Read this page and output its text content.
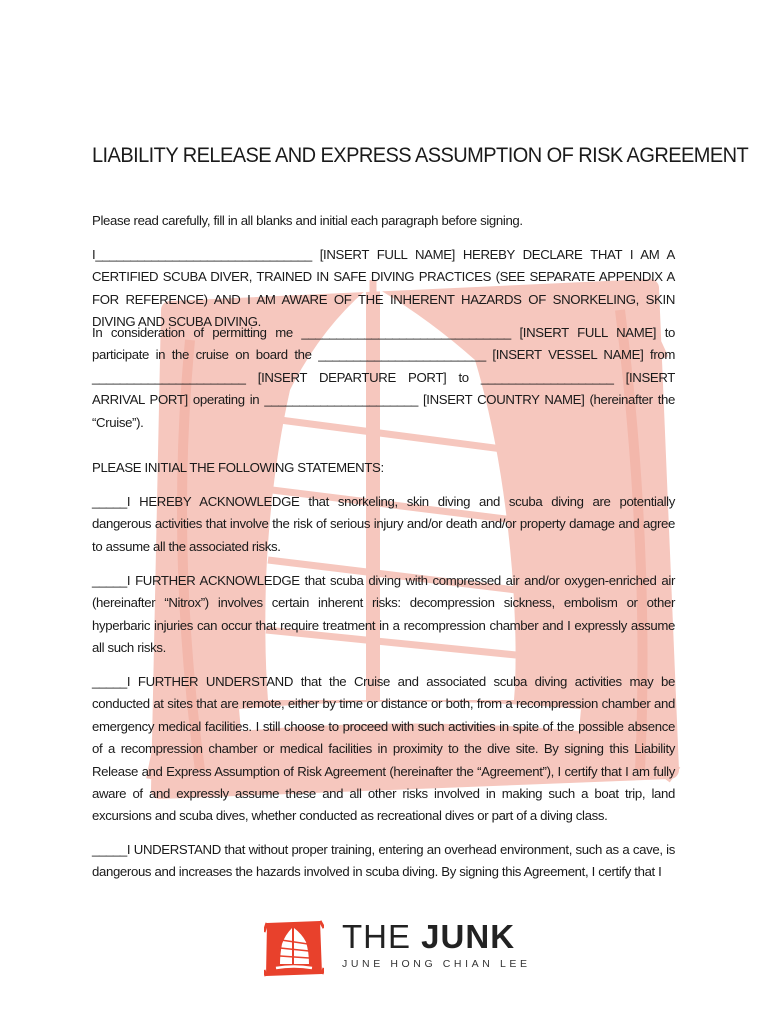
LIABILITY RELEASE AND EXPRESS ASSUMPTION OF RISK AGREEMENT

Please read carefully, fill in all blanks and initial each paragraph before signing.

I_______________________________ [INSERT FULL NAME] HEREBY DECLARE THAT I AM A CERTIFIED SCUBA DIVER, TRAINED IN SAFE DIVING PRACTICES (SEE SEPARATE APPENDIX A FOR REFERENCE) AND I AM AWARE OF THE INHERENT HAZARDS OF SNORKELING, SKIN DIVING AND SCUBA DIVING.

In consideration of permitting me ______________________________ [INSERT FULL NAME] to participate in the cruise on board the ________________________ [INSERT VESSEL NAME] from ______________________ [INSERT DEPARTURE PORT] to ___________________ [INSERT ARRIVAL PORT] operating in ______________________ [INSERT COUNTRY NAME] (hereinafter the “Cruise”).

PLEASE INITIAL THE FOLLOWING STATEMENTS:

_____I HEREBY ACKNOWLEDGE that snorkeling, skin diving and scuba diving are potentially dangerous activities that involve the risk of serious injury and/or death and/or property damage and agree to assume all the associated risks.

_____I FURTHER ACKNOWLEDGE that scuba diving with compressed air and/or oxygen-enriched air (hereinafter “Nitrox”) involves certain inherent risks: decompression sickness, embolism or other hyperbaric injuries can occur that require treatment in a recompression chamber and I expressly assume all such risks.

_____I FURTHER UNDERSTAND that the Cruise and associated scuba diving activities may be conducted at sites that are remote, either by time or distance or both, from a recompression chamber and emergency medical facilities. I still choose to proceed with such activities in spite of the possible absence of a recompression chamber or medical facilities in proximity to the dive site. By signing this Liability Release and Express Assumption of Risk Agreement (hereinafter the “Agreement”), I certify that I am fully aware of and expressly assume these and all other risks involved in making such a boat trip, land excursions and scuba dives, whether conducted as recreational dives or part of a diving class.

_____I UNDERSTAND that without proper training, entering an overhead environment, such as a cave, is dangerous and increases the hazards involved in scuba diving. By signing this Agreement, I certify that I

THE JUNK
JUNE HONG CHIAN LEE
